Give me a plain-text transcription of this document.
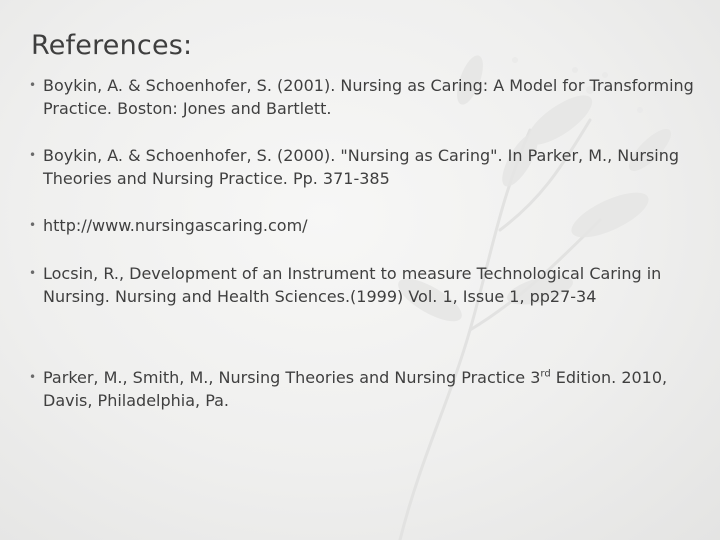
References:
• Boykin, A. & Schoenhofer, S. (2001). Nursing as Caring: A Model for Transforming Practice. Boston: Jones and Bartlett.
• Boykin, A. & Schoenhofer, S. (2000). "Nursing as Caring". In Parker, M., Nursing Theories and Nursing Practice. Pp. 371-385
• http://www.nursingascaring.com/
• Locsin, R., Development of an Instrument to measure Technological Caring in Nursing. Nursing and Health Sciences.(1999) Vol. 1, Issue 1, pp27-34
• Parker, M., Smith, M., Nursing Theories and Nursing Practice 3rd Edition. 2010, Davis, Philadelphia, Pa.
